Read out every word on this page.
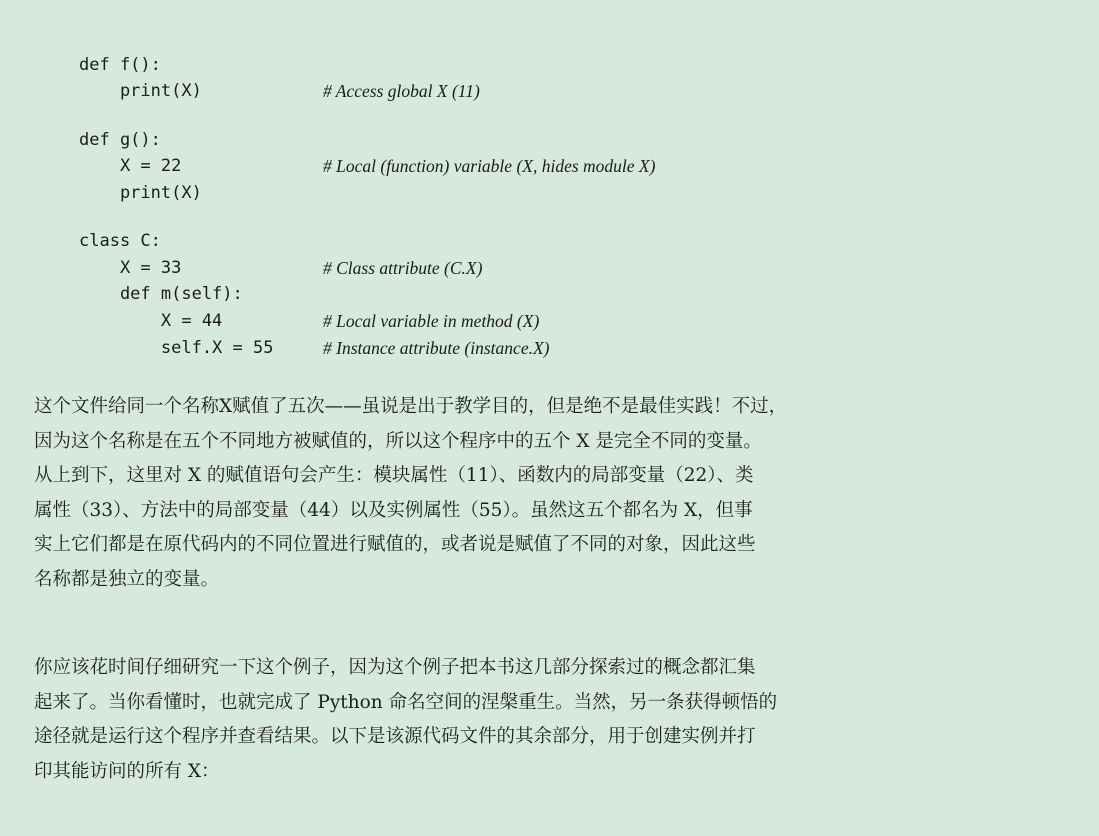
def f():
print(X)	# Access global X (11)
def g():
X = 22	# Local (function) variable (X, hides module X)
print(X)
class C:
X = 33	# Class attribute (C.X)
def m(self):
X = 44	# Local variable in method (X)
self.X = 55	# Instance attribute (instance.X)
这个文件给同一个名称X赋值了五次——虽说是出于教学目的，但是绝不是最佳实践！不过，
因为这个名称是在五个不同地方被赋值的，所以这个程序中的五个 X 是完全不同的变量。
从上到下，这里对 X 的赋值语句会产生：模块属性（11）、函数内的局部变量（22）、类
属性（33）、方法中的局部变量（44）以及实例属性（55）。虽然这五个都名为 X，但事
实上它们都是在原代码内的不同位置进行赋值的，或者说是赋值了不同的对象，因此这些
名称都是独立的变量。
你应该花时间仔细研究一下这个例子，因为这个例子把本书这几部分探索过的概念都汇集
起来了。当你看懂时，也就完成了 Python 命名空间的涅槃重生。当然，另一条获得顿悟的
途径就是运行这个程序并查看结果。以下是该源代码文件的其余部分，用于创建实例并打
印其能访问的所有 X：
